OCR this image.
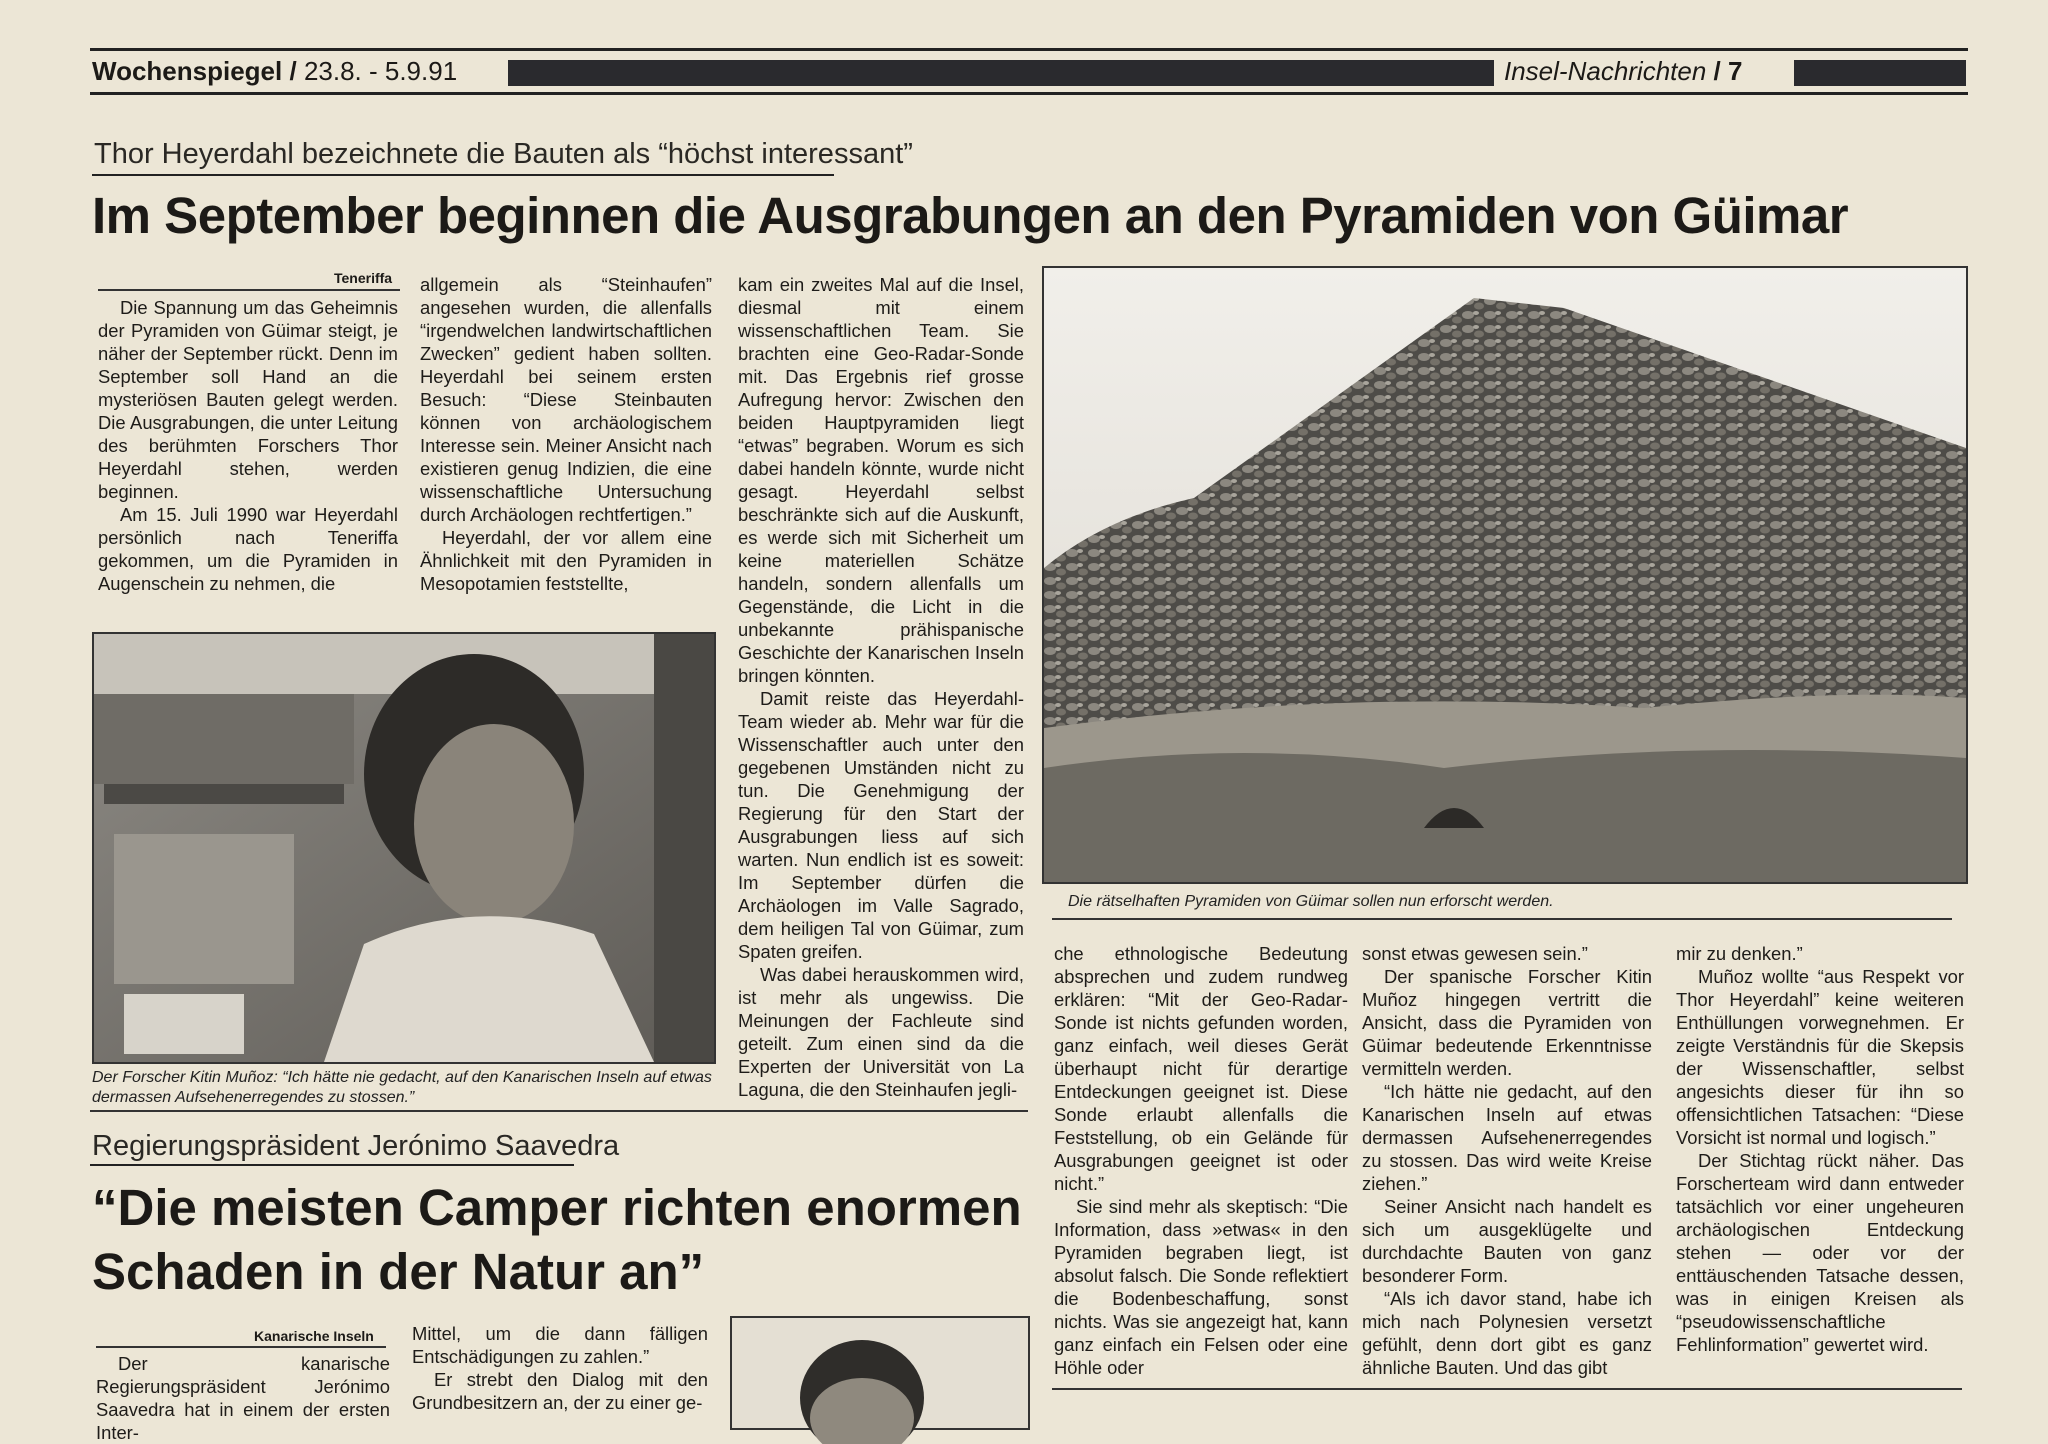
Wochenspiegel / 23.8. - 5.9.91	Insel-Nachrichten / 7
Thor Heyerdahl bezeichnete die Bauten als “höchst interessant”
Im September beginnen die Ausgrabungen an den Pyramiden von Güimar
Teneriffa

Die Spannung um das Geheimnis der Pyramiden von Güimar steigt, je näher der September rückt. Denn im September soll Hand an die mysteriösen Bauten gelegt werden. Die Ausgrabungen, die unter Leitung des berühmten Forschers Thor Heyerdahl stehen, werden beginnen.

Am 15. Juli 1990 war Heyerdahl persönlich nach Teneriffa gekommen, um die Pyramiden in Augenschein zu nehmen, die

allgemein als “Steinhaufen” angesehen wurden, die allenfalls “irgendwelchen landwirtschaftlichen Zwecken” gedient haben sollten. Heyerdahl bei seinem ersten Besuch: “Diese Steinbauten können von archäologischem Interesse sein. Meiner Ansicht nach existieren genug Indizien, die eine wissenschaftliche Untersuchung durch Archäologen rechtfertigen.”

Heyerdahl, der vor allem eine Ähnlichkeit mit den Pyramiden in Mesopotamien feststellte,

kam ein zweites Mal auf die Insel, diesmal mit einem wissenschaftlichen Team. Sie brachten eine Geo-Radar-Sonde mit. Das Ergebnis rief grosse Aufregung hervor: Zwischen den beiden Hauptpyramiden liegt “etwas” begraben. Worum es sich dabei handeln könnte, wurde nicht gesagt. Heyerdahl selbst beschränkte sich auf die Auskunft, es werde sich mit Sicherheit um keine materiellen Schätze handeln, sondern allenfalls um Gegenstände, die Licht in die unbekannte prähispanische Geschichte der Kanarischen Inseln bringen könnten.

Damit reiste das Heyerdahl-Team wieder ab. Mehr war für die Wissenschaftler auch unter den gegebenen Umständen nicht zu tun. Die Genehmigung der Regierung für den Start der Ausgrabungen liess auf sich warten. Nun endlich ist es soweit: Im September dürfen die Archäologen im Valle Sagrado, dem heiligen Tal von Güimar, zum Spaten greifen.

Was dabei herauskommen wird, ist mehr als ungewiss. Die Meinungen der Fachleute sind geteilt. Zum einen sind da die Experten der Universität von La Laguna, die den Steinhaufen jegli-

Der Forscher Kitin Muñoz: “Ich hätte nie gedacht, auf den Kanarischen Inseln auf etwas dermassen Aufsehenerregendes zu stossen.”
Die rätselhaften Pyramiden von Güimar sollen nun erforscht werden.

che ethnologische Bedeutung absprechen und zudem rundweg erklären: “Mit der Geo-Radar-Sonde ist nichts gefunden worden, ganz einfach, weil dieses Gerät überhaupt nicht für derartige Entdeckungen geeignet ist. Diese Sonde erlaubt allenfalls die Feststellung, ob ein Gelände für Ausgrabungen geeignet ist oder nicht.”

Sie sind mehr als skeptisch: “Die Information, dass »etwas« in den Pyramiden begraben liegt, ist absolut falsch. Die Sonde reflektiert die Bodenbeschaffung, sonst nichts. Was sie angezeigt hat, kann ganz einfach ein Felsen oder eine Höhle oder

sonst etwas gewesen sein.”

Der spanische Forscher Kitin Muñoz hingegen vertritt die Ansicht, dass die Pyramiden von Güimar bedeutende Erkenntnisse vermitteln werden.

“Ich hätte nie gedacht, auf den Kanarischen Inseln auf etwas dermassen Aufsehenerregendes zu stossen. Das wird weite Kreise ziehen.”

Seiner Ansicht nach handelt es sich um ausgeklügelte und durchdachte Bauten von ganz besonderer Form.

“Als ich davor stand, habe ich mich nach Polynesien versetzt gefühlt, denn dort gibt es ganz ähnliche Bauten. Und das gibt

mir zu denken.”

Muñoz wollte “aus Respekt vor Thor Heyerdahl” keine weiteren Enthüllungen vorwegnehmen. Er zeigte Verständnis für die Skepsis der Wissenschaftler, selbst angesichts dieser für ihn so offensichtlichen Tatsachen: “Diese Vorsicht ist normal und logisch.”

Der Stichtag rückt näher. Das Forscherteam wird dann entweder tatsächlich vor einer ungeheuren archäologischen Entdeckung stehen — oder vor der enttäuschenden Tatsache dessen, was in einigen Kreisen als “pseudowissenschaftliche Fehlinformation” gewertet wird.

Regierungspräsident Jerónimo Saavedra
“Die meisten Camper richten enormen
Schaden in der Natur an”
Kanarische Inseln

Der kanarische Regierungspräsident Jerónimo Saavedra hat in einem der ersten Inter-

Mittel, um die dann fälligen Entschädigungen zu zahlen.”

Er strebt den Dialog mit den Grundbesitzern an, der zu einer ge-
